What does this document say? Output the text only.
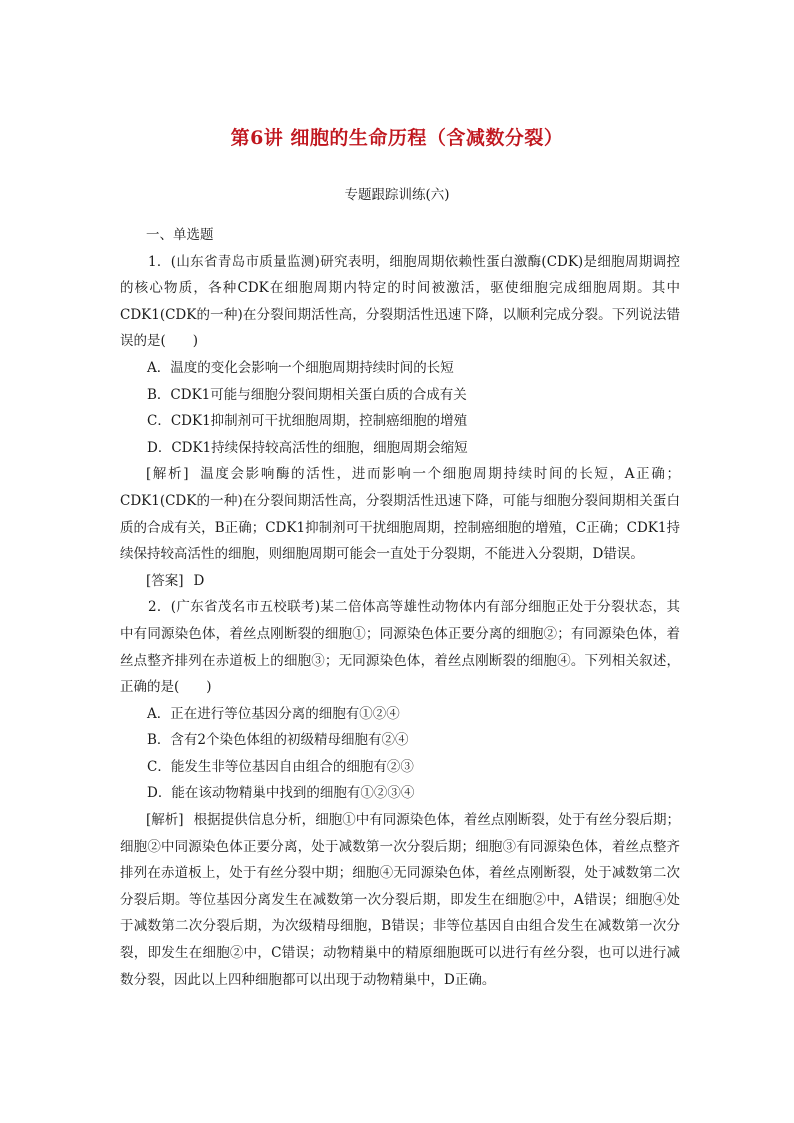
第6讲 细胞的生命历程（含减数分裂）
专题跟踪训练(六)

一、单选题

1．(山东省青岛市质量监测)研究表明，细胞周期依赖性蛋白激酶(CDK)是细胞周期调控的核心物质，各种CDK在细胞周期内特定的时间被激活，驱使细胞完成细胞周期。其中CDK1(CDK的一种)在分裂间期活性高，分裂期活性迅速下降，以顺利完成分裂。下列说法错误的是(　　)

A．温度的变化会影响一个细胞周期持续时间的长短

B．CDK1可能与细胞分裂间期相关蛋白质的合成有关

C．CDK1抑制剂可干扰细胞周期，控制癌细胞的增殖

D．CDK1持续保持较高活性的细胞，细胞周期会缩短

[解析] 温度会影响酶的活性，进而影响一个细胞周期持续时间的长短，A正确；CDK1(CDK的一种)在分裂间期活性高，分裂期活性迅速下降，可能与细胞分裂间期相关蛋白质的合成有关，B正确；CDK1抑制剂可干扰细胞周期，控制癌细胞的增殖，C正确；CDK1持续保持较高活性的细胞，则细胞周期可能会一直处于分裂期，不能进入分裂期，D错误。

[答案] D

2．(广东省茂名市五校联考)某二倍体高等雄性动物体内有部分细胞正处于分裂状态，其中有同源染色体，着丝点刚断裂的细胞①；同源染色体正要分离的细胞②；有同源染色体，着丝点整齐排列在赤道板上的细胞③；无同源染色体，着丝点刚断裂的细胞④。下列相关叙述，正确的是(　　)

A．正在进行等位基因分离的细胞有①②④

B．含有2个染色体组的初级精母细胞有②④

C．能发生非等位基因自由组合的细胞有②③

D．能在该动物精巢中找到的细胞有①②③④

[解析] 根据提供信息分析，细胞①中有同源染色体，着丝点刚断裂，处于有丝分裂后期；细胞②中同源染色体正要分离，处于减数第一次分裂后期；细胞③有同源染色体，着丝点整齐排列在赤道板上，处于有丝分裂中期；细胞④无同源染色体，着丝点刚断裂，处于减数第二次分裂后期。等位基因分离发生在减数第一次分裂后期，即发生在细胞②中，A错误；细胞④处于减数第二次分裂后期，为次级精母细胞，B错误；非等位基因自由组合发生在减数第一次分裂，即发生在细胞②中，C错误；动物精巢中的精原细胞既可以进行有丝分裂，也可以进行减数分裂，因此以上四种细胞都可以出现于动物精巢中，D正确。
